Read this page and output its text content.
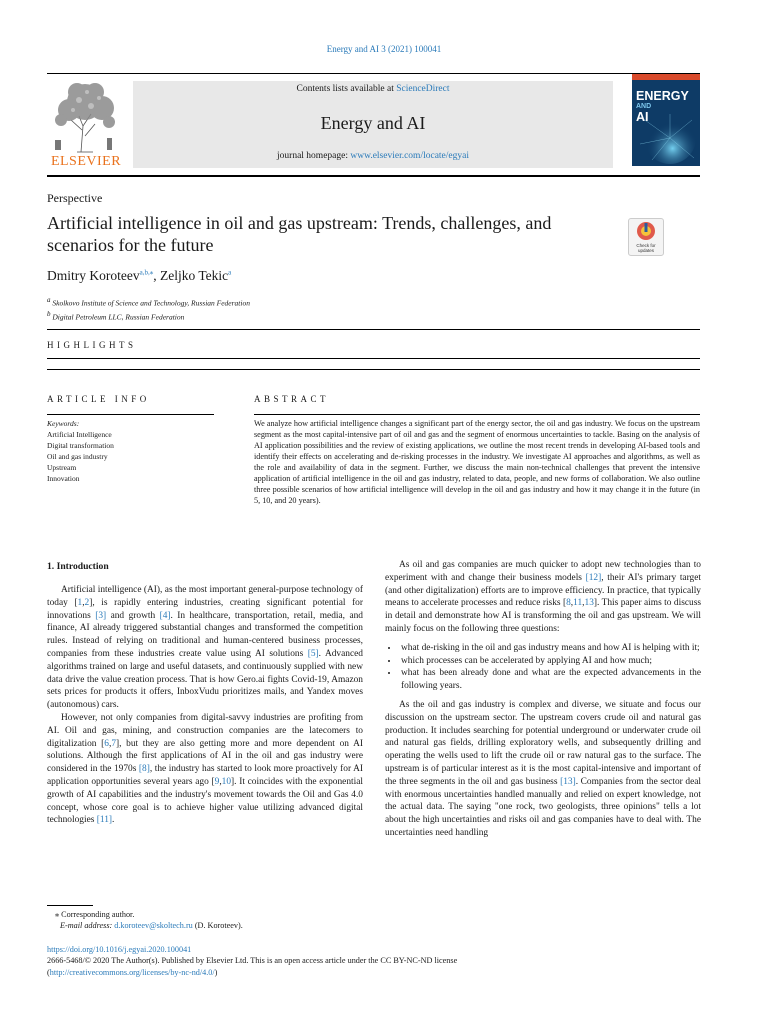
Energy and AI 3 (2021) 100041
ELSEVIER
Contents lists available at ScienceDirect
Energy and AI
journal homepage: www.elsevier.com/locate/egyai
ENERGY
AND
AI
Perspective
Artificial intelligence in oil and gas upstream: Trends, challenges, and scenarios for the future	Check for updates
Dmitry Koroteev$^{a,b,⁎}$, Zeljko Tekic$^a$
$^a$ Skolkovo Institute of Science and Technology, Russian Federation
$^b$ Digital Petroleum LLC, Russian Federation
HIGHLIGHTS
ARTICLE INFO
Keywords:
Artificial Intelligence
Digital transformation
Oil and gas industry
Upstream
Innovation
ABSTRACT
We analyze how artificial intelligence changes a significant part of the energy sector, the oil and gas industry. We focus on the upstream segment as the most capital-intensive part of oil and gas and the segment of enormous uncertainties to tackle. Basing on the analysis of AI application possibilities and the review of existing applications, we outline the most recent trends in developing AI-based tools and identify their effects on accelerating and de-risking processes in the industry. We investigate AI approaches and algorithms, as well as the role and availability of data in the segment. Further, we discuss the main non-technical challenges that prevent the intensive application of artificial intelligence in the oil and gas industry, related to data, people, and new forms of collaboration. We also outline three possible scenarios of how artificial intelligence will develop in the oil and gas industry and how it may change it in the future (in 5, 10, and 20 years).
1. Introduction

Artificial intelligence (AI), as the most important general-purpose technology of today [1,2], is rapidly entering industries, creating significant potential for innovations [3] and growth [4]. In healthcare, transportation, retail, media, and finance, AI already triggered substantial changes and transformed the competition rules. Instead of relying on traditional and human-centered business processes, companies from these industries create value using AI solutions [5]. Advanced algorithms trained on large and useful datasets, and continuously supplied with new data drive the value creation process. That is how Gero.ai fights Covid-19, Amazon sets prices for products it offers, InboxVudu prioritizes mails, and Yandex moves (autonomous) cars.

However, not only companies from digital-savvy industries are profiting from AI. Oil and gas, mining, and construction companies are the latecomers to digitalization [6,7], but they are also getting more and more dependent on AI solutions. Although the first applications of AI in the oil and gas industry were considered in the 1970s [8], the industry has started to look more proactively for AI application opportunities several years ago [9,10]. It coincides with the exponential growth of AI capabilities and the industry's movement towards the Oil and Gas 4.0 concept, whose core goal is to achieve higher value utilizing advanced digital technologies [11].

As oil and gas companies are much quicker to adopt new technologies than to experiment with and change their business models [12], their AI's primary target (and other digitalization) efforts are to improve efficiency. In practice, that typically means to accelerate processes and reduce risks [8,11,13]. This paper aims to discuss in detail and demonstrate how AI is transforming the oil and gas upstream. We will mainly focus on the following three questions:

• what de-risking in the oil and gas industry means and how AI is helping with it;
• which processes can be accelerated by applying AI and how much;
• what has been already done and what are the expected advancements in the following years.

As the oil and gas industry is complex and diverse, we situate and focus our discussion on the upstream sector. The upstream covers crude oil and natural gas production. It includes searching for potential underground or underwater crude oil and natural gas fields, drilling exploratory wells, and subsequently drilling and operating the wells used to lift the crude oil or raw natural gas to the surface. The upstream is of particular interest as it is the most capital-intensive and important of the three segments in the oil and gas business [13]. Companies from the sector deal with enormous uncertainties handled manually and relied on expert knowledge, not the actual data. The saying "one rock, two geologists, three opinions" tells a lot about the high uncertainties and risks oil and gas companies have to deal with. The uncertainties need handling

⁎ Corresponding author.
E-mail address: d.koroteev@skoltech.ru (D. Koroteev).
https://doi.org/10.1016/j.egyai.2020.100041
2666-5468/© 2020 The Author(s). Published by Elsevier Ltd. This is an open access article under the CC BY-NC-ND license
(http://creativecommons.org/licenses/by-nc-nd/4.0/)
